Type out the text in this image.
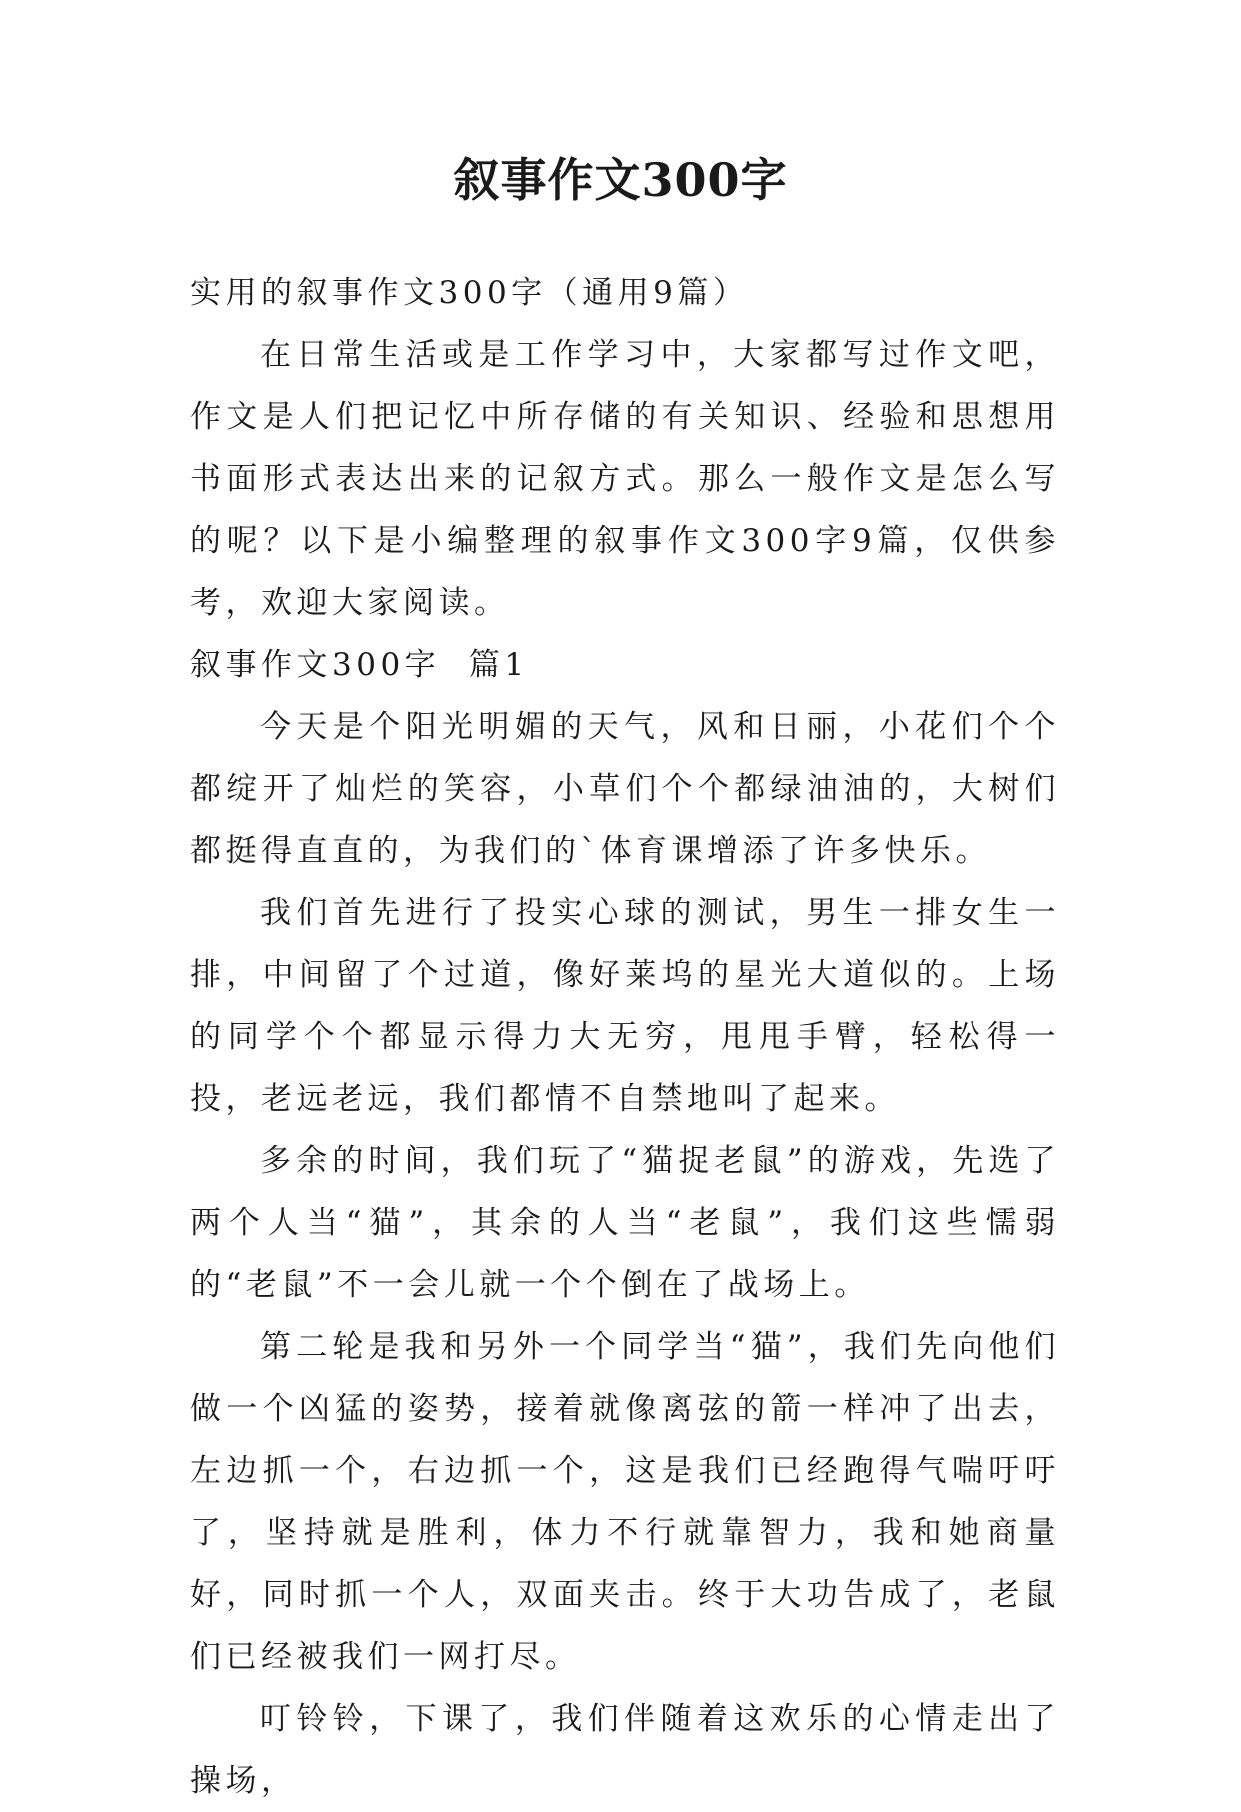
叙事作文300字

实用的叙事作文300字（通用9篇）

在日常生活或是工作学习中，大家都写过作文吧，作文是人们把记忆中所存储的有关知识、经验和思想用书面形式表达出来的记叙方式。那么一般作文是怎么写的呢？以下是小编整理的叙事作文300字9篇，仅供参考，欢迎大家阅读。

叙事作文300字  篇1

今天是个阳光明媚的天气，风和日丽，小花们个个都绽开了灿烂的笑容，小草们个个都绿油油的，大树们都挺得直直的，为我们的`体育课增添了许多快乐。

我们首先进行了投实心球的测试，男生一排女生一排，中间留了个过道，像好莱坞的星光大道似的。上场的同学个个都显示得力大无穷，甩甩手臂，轻松得一投，老远老远，我们都情不自禁地叫了起来。

多余的时间，我们玩了“猫捉老鼠”的游戏，先选了两个人当“猫”，其余的人当“老鼠”，我们这些懦弱的“老鼠”不一会儿就一个个倒在了战场上。

第二轮是我和另外一个同学当“猫”，我们先向他们做一个凶猛的姿势，接着就像离弦的箭一样冲了出去，左边抓一个，右边抓一个，这是我们已经跑得气喘吁吁了，坚持就是胜利，体力不行就靠智力，我和她商量好，同时抓一个人，双面夹击。终于大功告成了，老鼠们已经被我们一网打尽。

叮铃铃，下课了，我们伴随着这欢乐的心情走出了操场，
